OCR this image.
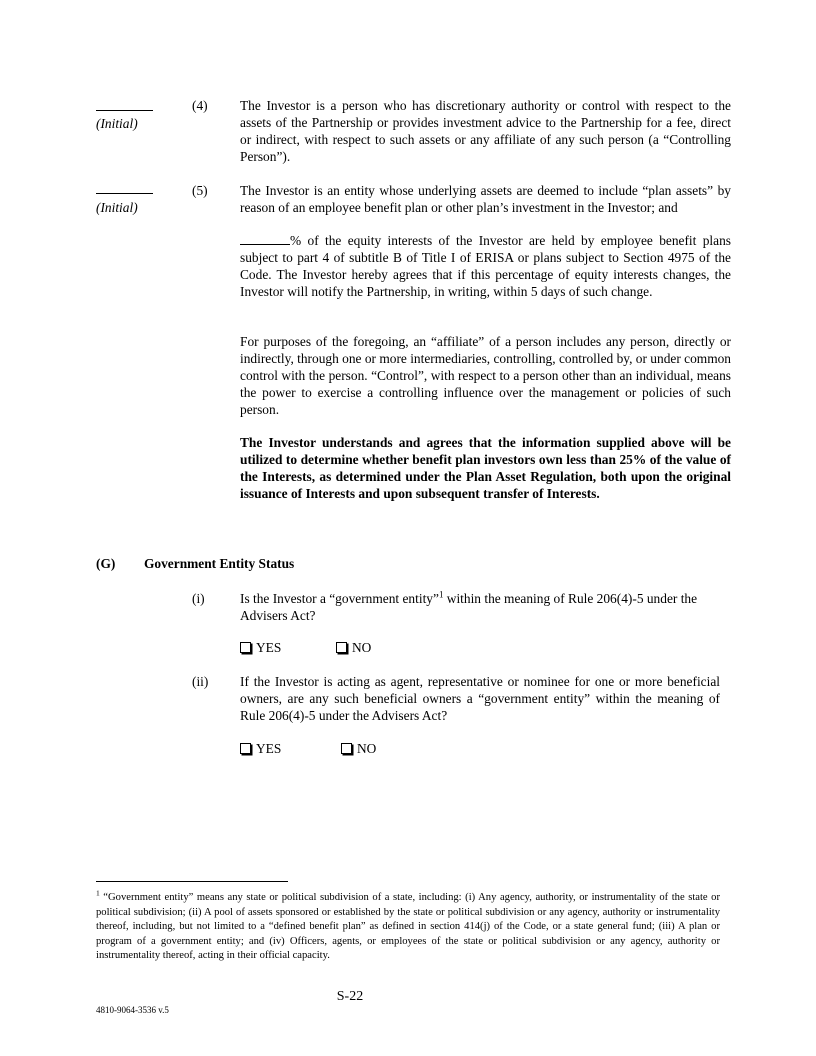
(Initial)
(4) The Investor is a person who has discretionary authority or control with respect to the assets of the Partnership or provides investment advice to the Partnership for a fee, direct or indirect, with respect to such assets or any affiliate of any such person (a “Controlling Person”).
(Initial)
(5) The Investor is an entity whose underlying assets are deemed to include “plan assets” by reason of an employee benefit plan or other plan’s investment in the Investor; and
% of the equity interests of the Investor are held by employee benefit plans subject to part 4 of subtitle B of Title I of ERISA or plans subject to Section 4975 of the Code. The Investor hereby agrees that if this percentage of equity interests changes, the Investor will notify the Partnership, in writing, within 5 days of such change.
For purposes of the foregoing, an “affiliate” of a person includes any person, directly or indirectly, through one or more intermediaries, controlling, controlled by, or under common control with the person. “Control”, with respect to a person other than an individual, means the power to exercise a controlling influence over the management or policies of such person.
The Investor understands and agrees that the information supplied above will be utilized to determine whether benefit plan investors own less than 25% of the value of the Interests, as determined under the Plan Asset Regulation, both upon the original issuance of Interests and upon subsequent transfer of Interests.
(G) Government Entity Status
(i)	Is the Investor a “government entity”$^1$ within the meaning of Rule 206(4)-5 under the Advisers Act?
YES	NO
(ii) If the Investor is acting as agent, representative or nominee for one or more beneficial owners, are any such beneficial owners a “government entity” within the meaning of Rule 206(4)-5 under the Advisers Act?
YES	NO
$^1$ “Government entity” means any state or political subdivision of a state, including: (i) Any agency, authority, or instrumentality of the state or political subdivision; (ii) A pool of assets sponsored or established by the state or political subdivision or any agency, authority or instrumentality thereof, including, but not limited to a “defined benefit plan” as defined in section 414(j) of the Code, or a state general fund; (iii) A plan or program of a government entity; and (iv) Officers, agents, or employees of the state or political subdivision or any agency, authority or instrumentality thereof, acting in their official capacity.
S-22
4810-9064-3536 v.5
